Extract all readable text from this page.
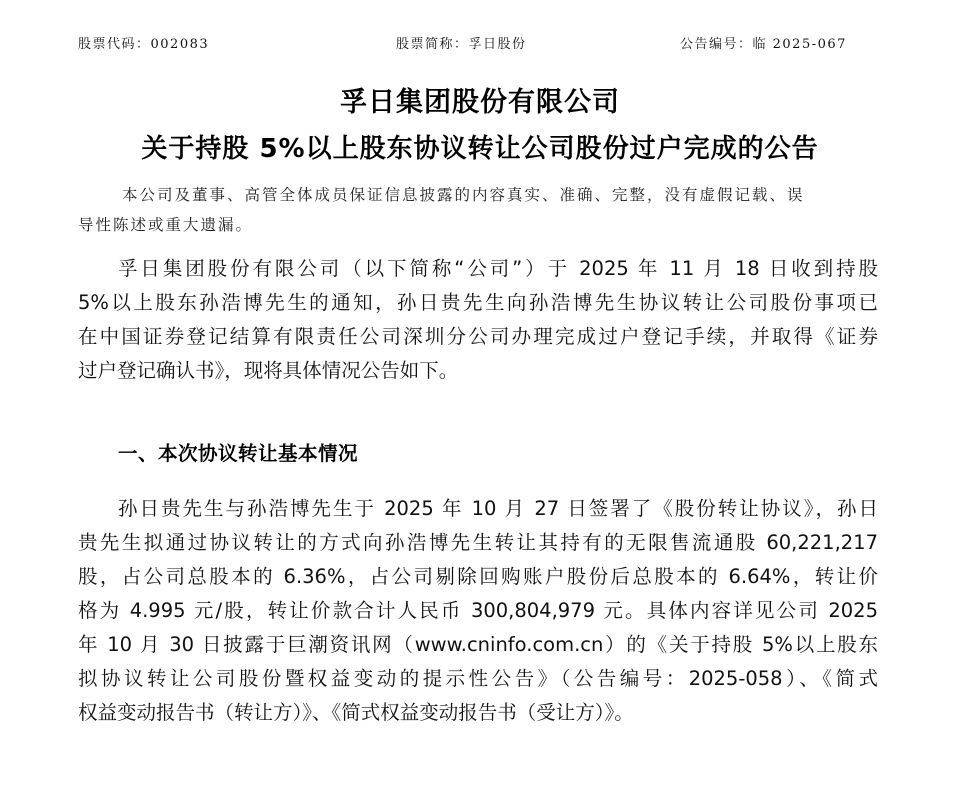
股票代码：002083	股票简称：孚日股份	公告编号：临 2025-067
孚日集团股份有限公司
关于持股 5%以上股东协议转让公司股份过户完成的公告
本公司及董事、高管全体成员保证信息披露的内容真实、准确、完整，没有虚假记载、误
导性陈述或重大遗漏。
孚日集团股份有限公司（以下简称“公司”）于 2025 年 11 月 18 日收到持股
5%以上股东孙浩博先生的通知，孙日贵先生向孙浩博先生协议转让公司股份事项已
在中国证券登记结算有限责任公司深圳分公司办理完成过户登记手续，并取得《证券
过户登记确认书》，现将具体情况公告如下。
一、本次协议转让基本情况
孙日贵先生与孙浩博先生于 2025 年 10 月 27 日签署了《股份转让协议》，孙日
贵先生拟通过协议转让的方式向孙浩博先生转让其持有的无限售流通股 60,221,217
股，占公司总股本的 6.36%，占公司剔除回购账户股份后总股本的 6.64%，转让价
格为 4.995 元/股，转让价款合计人民币 300,804,979 元。具体内容详见公司 2025
年 10 月 30 日披露于巨潮资讯网（www.cninfo.com.cn）的《关于持股 5%以上股东
拟协议转让公司股份暨权益变动的提示性公告》（公告编号：2025-058）、《简式
权益变动报告书（转让方）》、《简式权益变动报告书（受让方）》。
